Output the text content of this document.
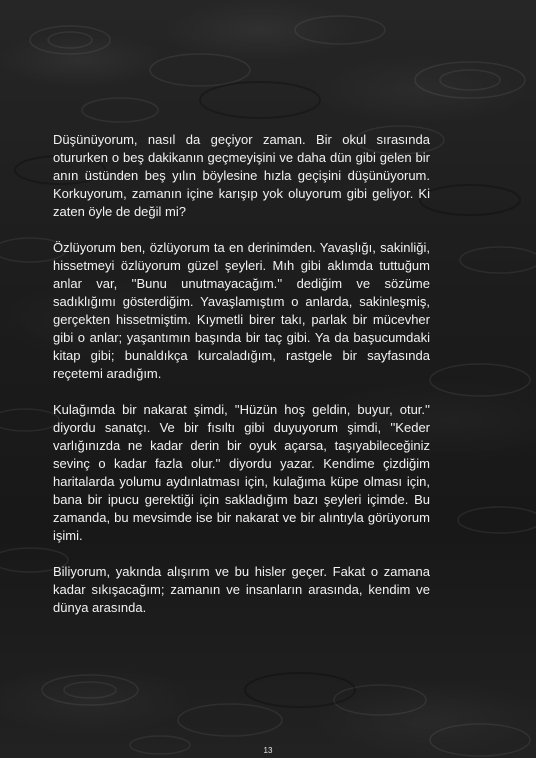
Düşünüyorum, nasıl da geçiyor zaman. Bir okul sırasında otururken o beş dakikanın geçmeyişini ve daha dün gibi gelen bir anın üstünden beş yılın böylesine hızla geçişini düşünüyorum. Korkuyorum, zamanın içine karışıp yok oluyorum gibi geliyor. Ki zaten öyle de değil mi?

Özlüyorum ben, özlüyorum ta en derinimden. Yavaşlığı, sakinliği, hissetmeyi özlüyorum güzel şeyleri. Mıh gibi aklımda tuttuğum anlar var, ''Bunu unutmayacağım.'' dediğim ve sözüme sadıklığımı gösterdiğim. Yavaşlamıştım o anlarda, sakinleşmiş, gerçekten hissetmiştim. Kıymetli birer takı, parlak bir mücevher gibi o anlar; yaşantımın başında bir taç gibi. Ya da başucumdaki kitap gibi; bunaldıkça kurcaladığım, rastgele bir sayfasında reçetemi aradığım.

Kulağımda bir nakarat şimdi, ''Hüzün hoş geldin, buyur, otur.'' diyordu sanatçı. Ve bir fısıltı gibi duyuyorum şimdi, ''Keder varlığınızda ne kadar derin bir oyuk açarsa, taşıyabileceğiniz sevinç o kadar fazla olur.'' diyordu yazar. Kendime çizdiğim haritalarda yolumu aydınlatması için, kulağıma küpe olması için, bana bir ipucu gerektiği için sakladığım bazı şeyleri içimde. Bu zamanda, bu mevsimde ise bir nakarat ve bir alıntıyla görüyorum işimi.

Biliyorum, yakında alışırım ve bu hisler geçer. Fakat o zamana kadar sıkışacağım; zamanın ve insanların arasında, kendim ve dünya arasında.

13
